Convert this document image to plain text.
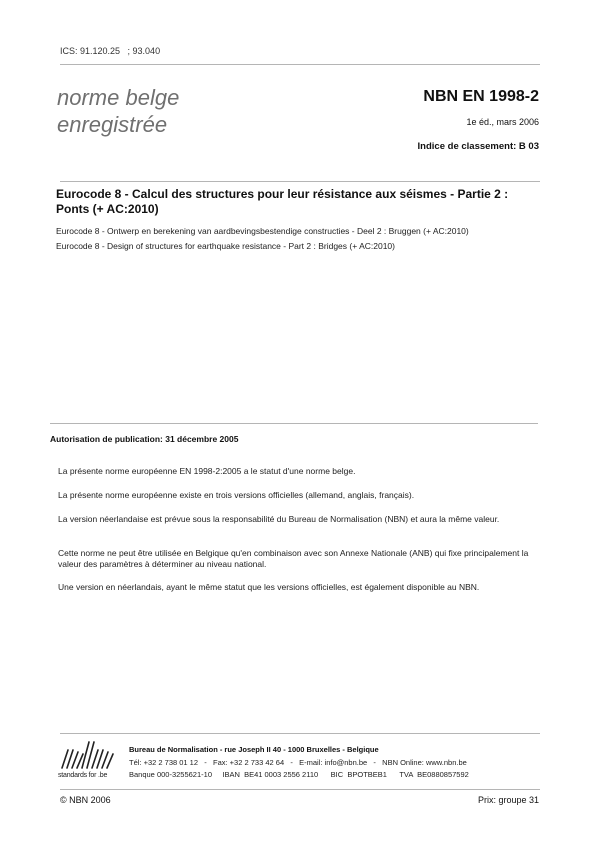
ICS: 91.120.25   ; 93.040
norme belge
enregistrée
NBN EN 1998-2
1e éd., mars 2006
Indice de classement: B 03
Eurocode 8 - Calcul des structures pour leur résistance aux séismes - Partie 2 : Ponts (+ AC:2010)
Eurocode 8 - Ontwerp en berekening van aardbevingsbestendige constructies - Deel 2 : Bruggen (+ AC:2010)
Eurocode 8 - Design of structures for earthquake resistance - Part 2 : Bridges (+ AC:2010)
Autorisation de publication: 31 décembre 2005
La présente norme européenne EN 1998-2:2005 a le statut d'une norme belge.
La présente norme européenne existe en trois versions officielles (allemand, anglais, français).
La version néerlandaise est prévue sous la responsabilité du Bureau de Normalisation (NBN) et aura la même valeur.
Cette norme ne peut être utilisée en Belgique qu'en combinaison avec son Annexe Nationale (ANB) qui fixe principalement la valeur des paramètres à déterminer au niveau national.
Une version en néerlandais, ayant le même statut que les versions officielles, est également disponible au NBN.
standards for .be
Bureau de Normalisation - rue Joseph II 40 - 1000 Bruxelles - Belgique
Tél: +32 2 738 01 12   -   Fax: +32 2 733 42 64   -   E-mail: info@nbn.be   -   NBN Online: www.nbn.be
Banque 000-3255621-10     IBAN  BE41 0003 2556 2110      BIC  BPOTBEB1      TVA  BE0880857592
© NBN 2006	Prix: groupe 31
